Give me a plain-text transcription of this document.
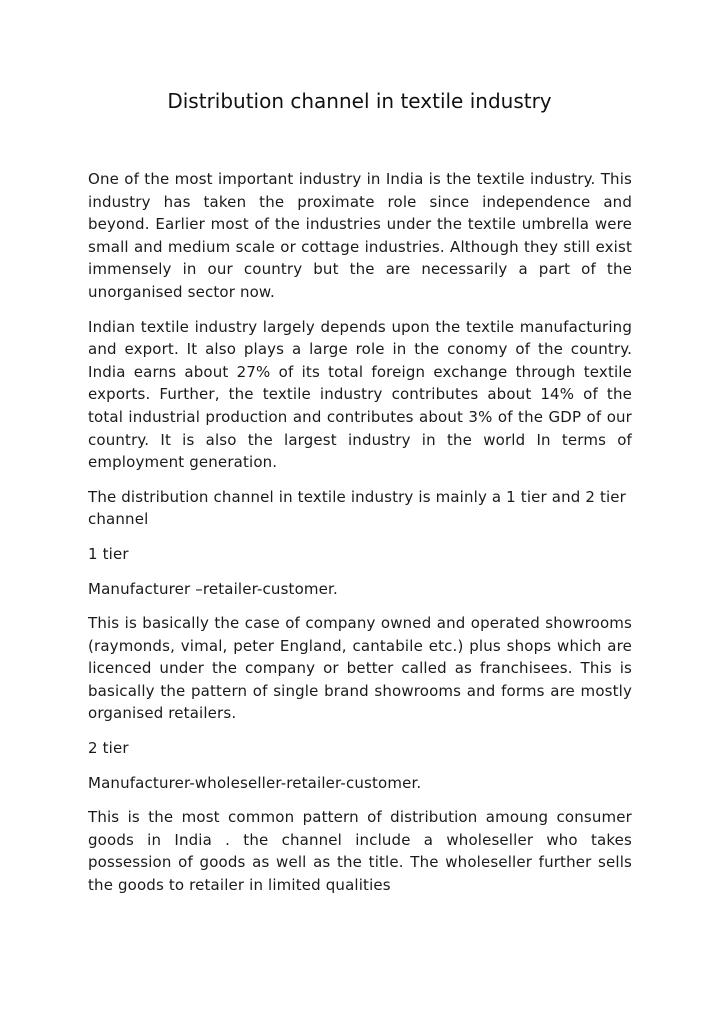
Distribution channel in textile industry

One of the most important industry in India is the textile industry. This industry has taken the proximate role since independence and beyond. Earlier most of the industries under the textile umbrella were small and medium scale or cottage industries. Although they still exist immensely in our country but the are necessarily a part of the unorganised sector now.

Indian textile industry largely depends upon the textile manufacturing and export. It also plays a large role in the conomy of the country. India earns about 27% of its total foreign exchange through textile exports. Further, the textile industry contributes about 14% of the total industrial production and contributes about 3% of the GDP of our country. It is also the largest industry in the world In terms of employment generation.

The distribution channel in textile industry is mainly a 1 tier and 2 tier channel

1 tier

Manufacturer –retailer-customer.

This is basically the case of company owned and operated showrooms (raymonds, vimal, peter England, cantabile etc.) plus shops which are licenced under the company or better called as franchisees. This is basically the pattern of single brand showrooms and forms are mostly organised retailers.

2 tier

Manufacturer-wholeseller-retailer-customer.

This is the most common pattern of distribution amoung consumer goods in India . the channel include a wholeseller who takes possession of goods as well as the title. The wholeseller further sells the goods to retailer in limited qualities
